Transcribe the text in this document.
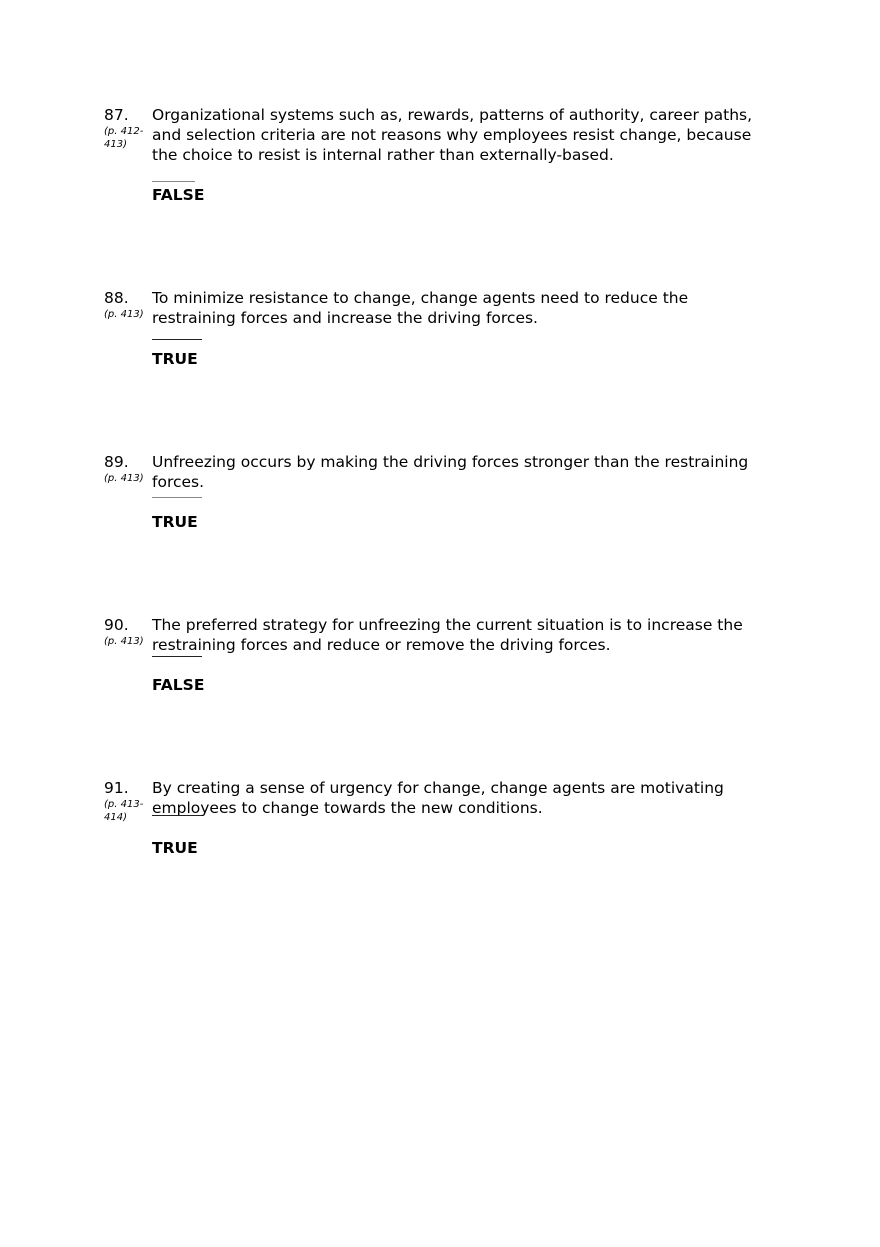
87.
(p. 412-413)
Organizational systems such as, rewards, patterns of authority, career paths, and selection criteria are not reasons why employees resist change, because the choice to resist is internal rather than externally-based.
FALSE
88.
(p. 413)
To minimize resistance to change, change agents need to reduce the restraining forces and increase the driving forces.
TRUE
89.
(p. 413)
Unfreezing occurs by making the driving forces stronger than the restraining forces.
TRUE
90.
(p. 413)
The preferred strategy for unfreezing the current situation is to increase the restraining forces and reduce or remove the driving forces.
FALSE
91.
(p. 413-414)
By creating a sense of urgency for change, change agents are motivating employees to change towards the new conditions.
TRUE
